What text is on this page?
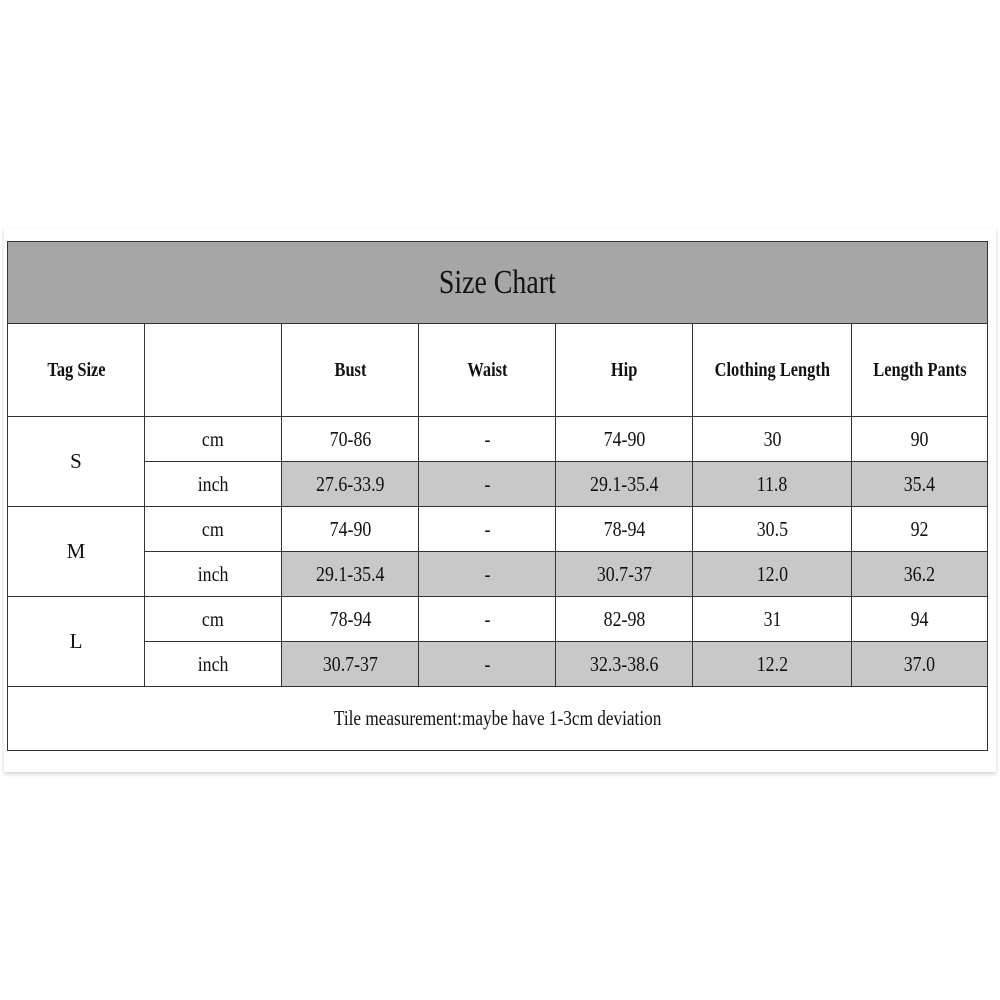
Size Chart						
Tag Size		Bust	Waist	Hip	Clothing Length	Length Pants
S	cm	70-86	-	74-90	30	90
	inch	27.6-33.9	-	29.1-35.4	11.8	35.4
M	cm	74-90	-	78-94	30.5	92
	inch	29.1-35.4	-	30.7-37	12.0	36.2
L	cm	78-94	-	82-98	31	94
	inch	30.7-37	-	32.3-38.6	12.2	37.0
Tile measurement:maybe have 1-3cm deviation						
